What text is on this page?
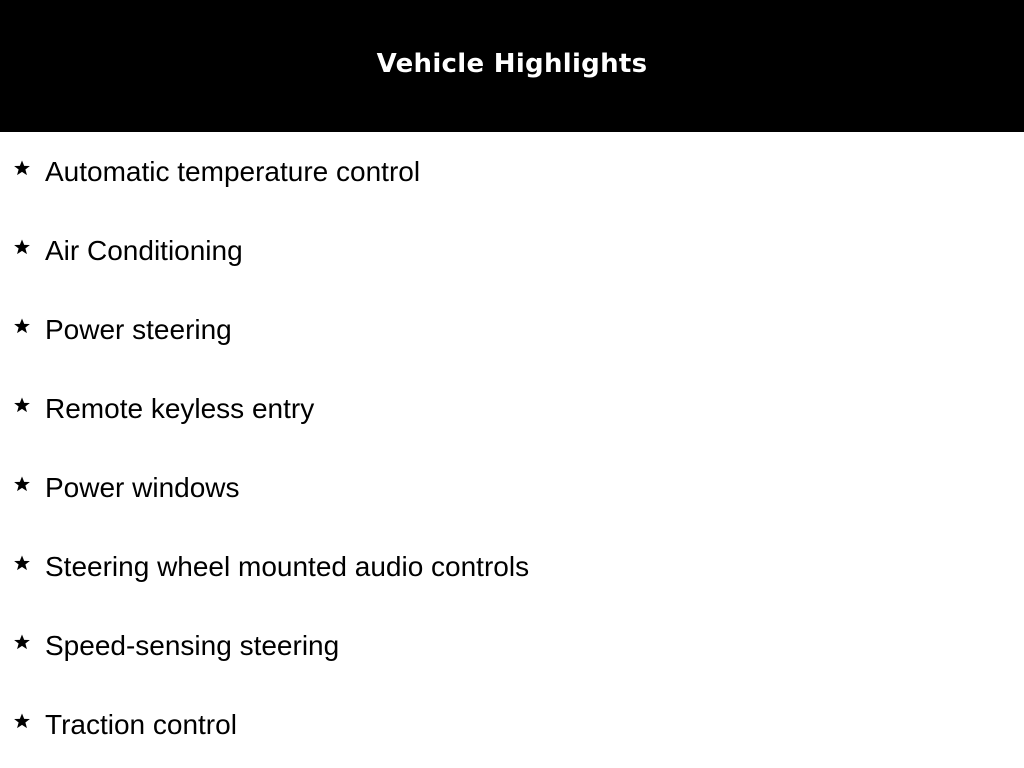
Vehicle Highlights
Automatic temperature control
Air Conditioning
Power steering
Remote keyless entry
Power windows
Steering wheel mounted audio controls
Speed-sensing steering
Traction control
